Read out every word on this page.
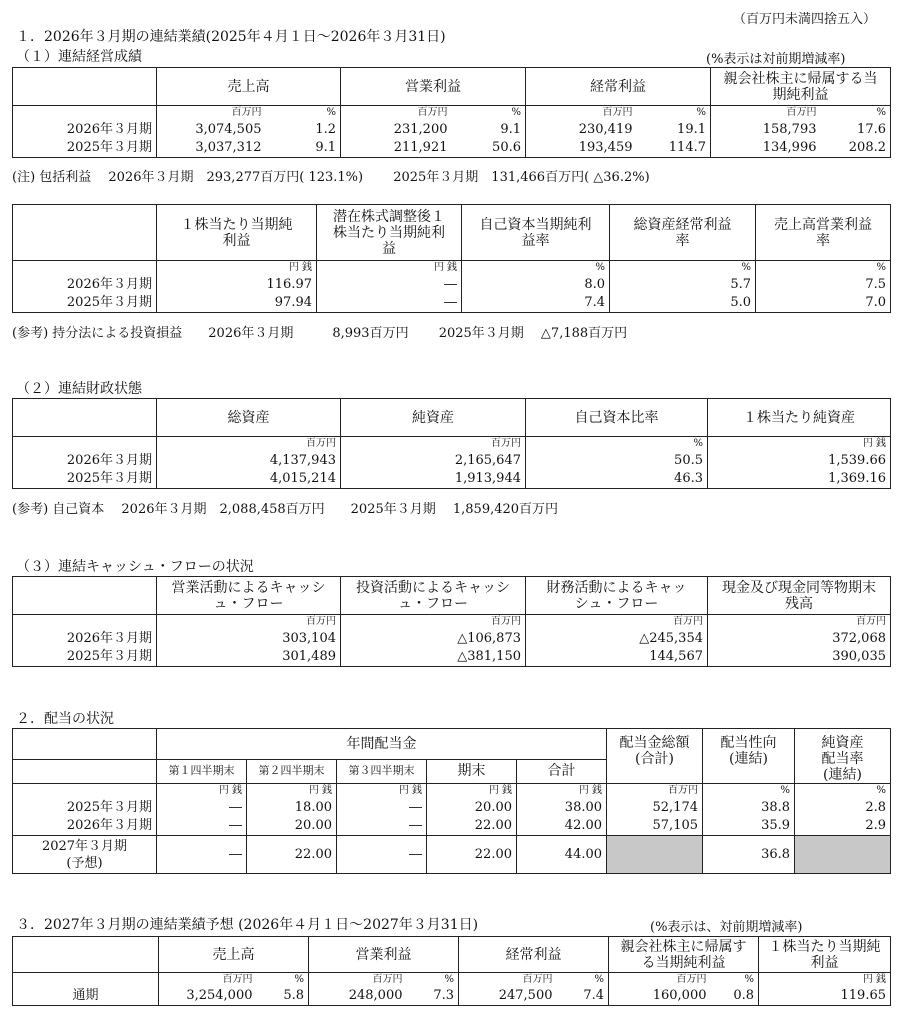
（百万円未満四捨五入）
１．2026年３月期の連結業績(2025年４月１日～2026年３月31日)
（１）連結経営成績	(%表示は対前期増減率)
	売上高		営業利益		経常利益		親会社株主に帰属する当期純利益	
	百万円	%	百万円	%	百万円	%	百万円	%
2026年３月期	3,074,505	1.2	231,200	9.1	230,419	19.1	158,793	17.6
2025年３月期	3,037,312	9.1	211,921	50.6	193,459	114.7	134,996	208.2
(注) 包括利益　 2026年３月期　293,277百万円( 123.1%)　　 2025年３月期　131,466百万円( △36.2%)
	１株当たり当期純利益	潜在株式調整後１株当たり当期純利益	自己資本当期純利益率	総資産経常利益率	売上高営業利益率
	円 銭	円 銭	%	%	%
2026年３月期	116.97	―	8.0	5.7	7.5
2025年３月期	97.94	―	7.4	5.0	7.0
(参考) 持分法による投資損益　　2026年３月期　　　8,993百万円　　 2025年３月期　 △7,188百万円
（２）連結財政状態
	総資産	純資産	自己資本比率	１株当たり純資産
	百万円	百万円	%	円 銭
2026年３月期	4,137,943	2,165,647	50.5	1,539.66
2025年３月期	4,015,214	1,913,944	46.3	1,369.16
(参考) 自己資本　 2026年３月期　2,088,458百万円　　2025年３月期　 1,859,420百万円
（３）連結キャッシュ・フローの状況
	営業活動によるキャッシュ・フロー	投資活動によるキャッシュ・フロー	財務活動によるキャッシュ・フロー	現金及び現金同等物期末残高
	百万円	百万円	百万円	百万円
2026年３月期	303,104	△106,873	△245,354	372,068
2025年３月期	301,489	△381,150	144,567	390,035
２．配当の状況
	年間配当金					配当金総額(合計)	配当性向(連結)	純資産配当率(連結)
	第１四半期末	第２四半期末	第３四半期末	期末	合計			
	円 銭	円 銭	円 銭	円 銭	円 銭	百万円	%	%
2025年３月期	―	18.00	―	20.00	38.00	52,174	38.8	2.8
2026年３月期	―	20.00	―	22.00	42.00	57,105	35.9	2.9

2027年３月期
(予想)	―	22.00	―	22.00	44.00		36.8	
３．2027年３月期の連結業績予想 (2026年４月１日～2027年３月31日)	(%表示は、対前期増減率)
	売上高		営業利益		経常利益		親会社株主に帰属する当期純利益		１株当たり当期純利益
	百万円	%	百万円	%	百万円	%	百万円	%	円 銭
通期	3,254,000	5.8	248,000	7.3	247,500	7.4	160,000	0.8	119.65
